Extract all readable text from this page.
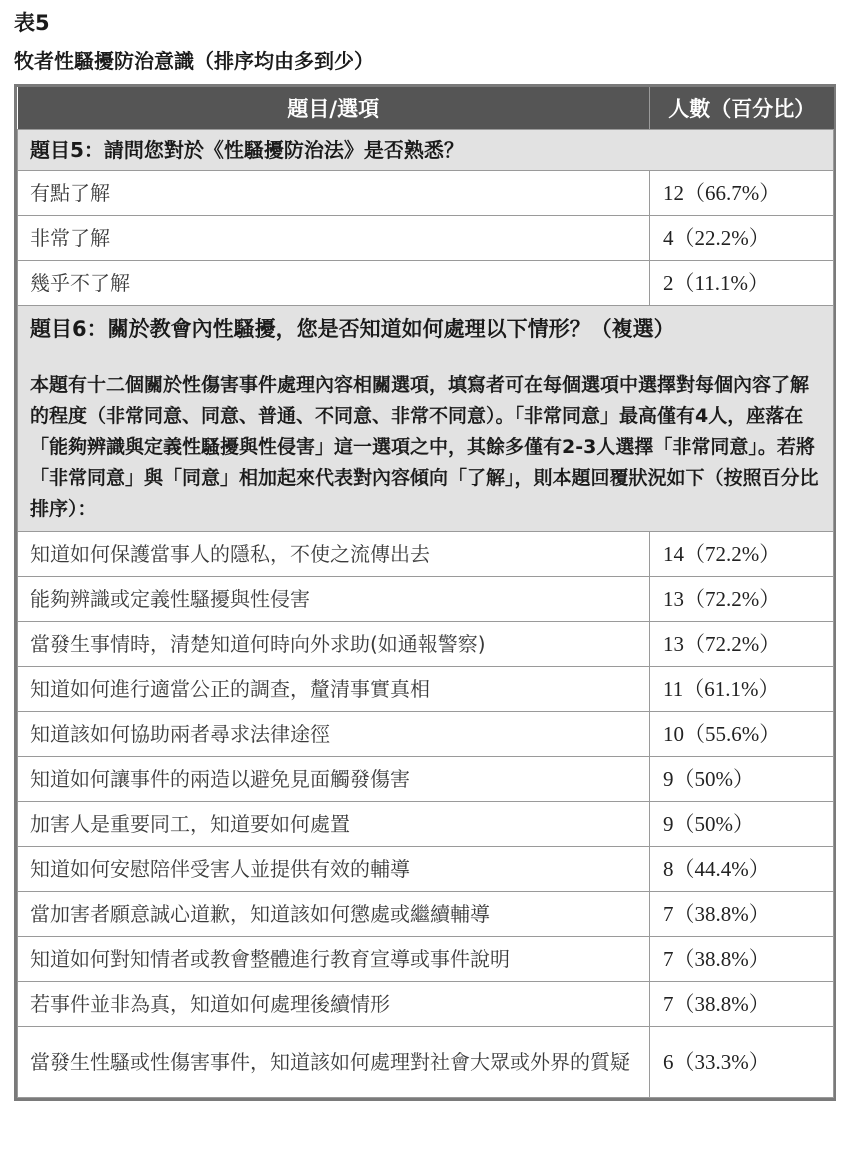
表5

牧者性騷擾防治意識（排序均由多到少）

題目/選項	人數（百分比）
題目5：請問您對於《性騷擾防治法》是否熟悉？	
有點了解	12（66.7%）
非常了解	4（22.2%）
幾乎不了解	2（11.1%）

題目6：關於教會內性騷擾，您是否知道如何處理以下情形？（複選）
本題有十二個關於性傷害事件處理內容相關選項，填寫者可在每個選項中選擇對每個內容了解的程度（非常同意、同意、普通、不同意、非常不同意）。「非常同意」最高僅有4人，座落在「能夠辨識與定義性騷擾與性侵害」這一選項之中，其餘多僅有2-3人選擇「非常同意」。若將「非常同意」與「同意」相加起來代表對內容傾向「了解」，則本題回覆狀況如下（按照百分比排序）：	

知道如何保護當事人的隱私，不使之流傳出去	14（72.2%）
能夠辨識或定義性騷擾與性侵害	13（72.2%）
當發生事情時，清楚知道何時向外求助(如通報警察)	13（72.2%）
知道如何進行適當公正的調查，釐清事實真相	11（61.1%）
知道該如何協助兩者尋求法律途徑	10（55.6%）
知道如何讓事件的兩造以避免見面觸發傷害	9（50%）
加害人是重要同工，知道要如何處置	9（50%）
知道如何安慰陪伴受害人並提供有效的輔導	8（44.4%）
當加害者願意誠心道歉，知道該如何懲處或繼續輔導	7（38.8%）
知道如何對知情者或教會整體進行教育宣導或事件說明	7（38.8%）
若事件並非為真，知道如何處理後續情形	7（38.8%）
當發生性騷或性傷害事件，知道該如何處理對社會大眾或外界的質疑	6（33.3%）
